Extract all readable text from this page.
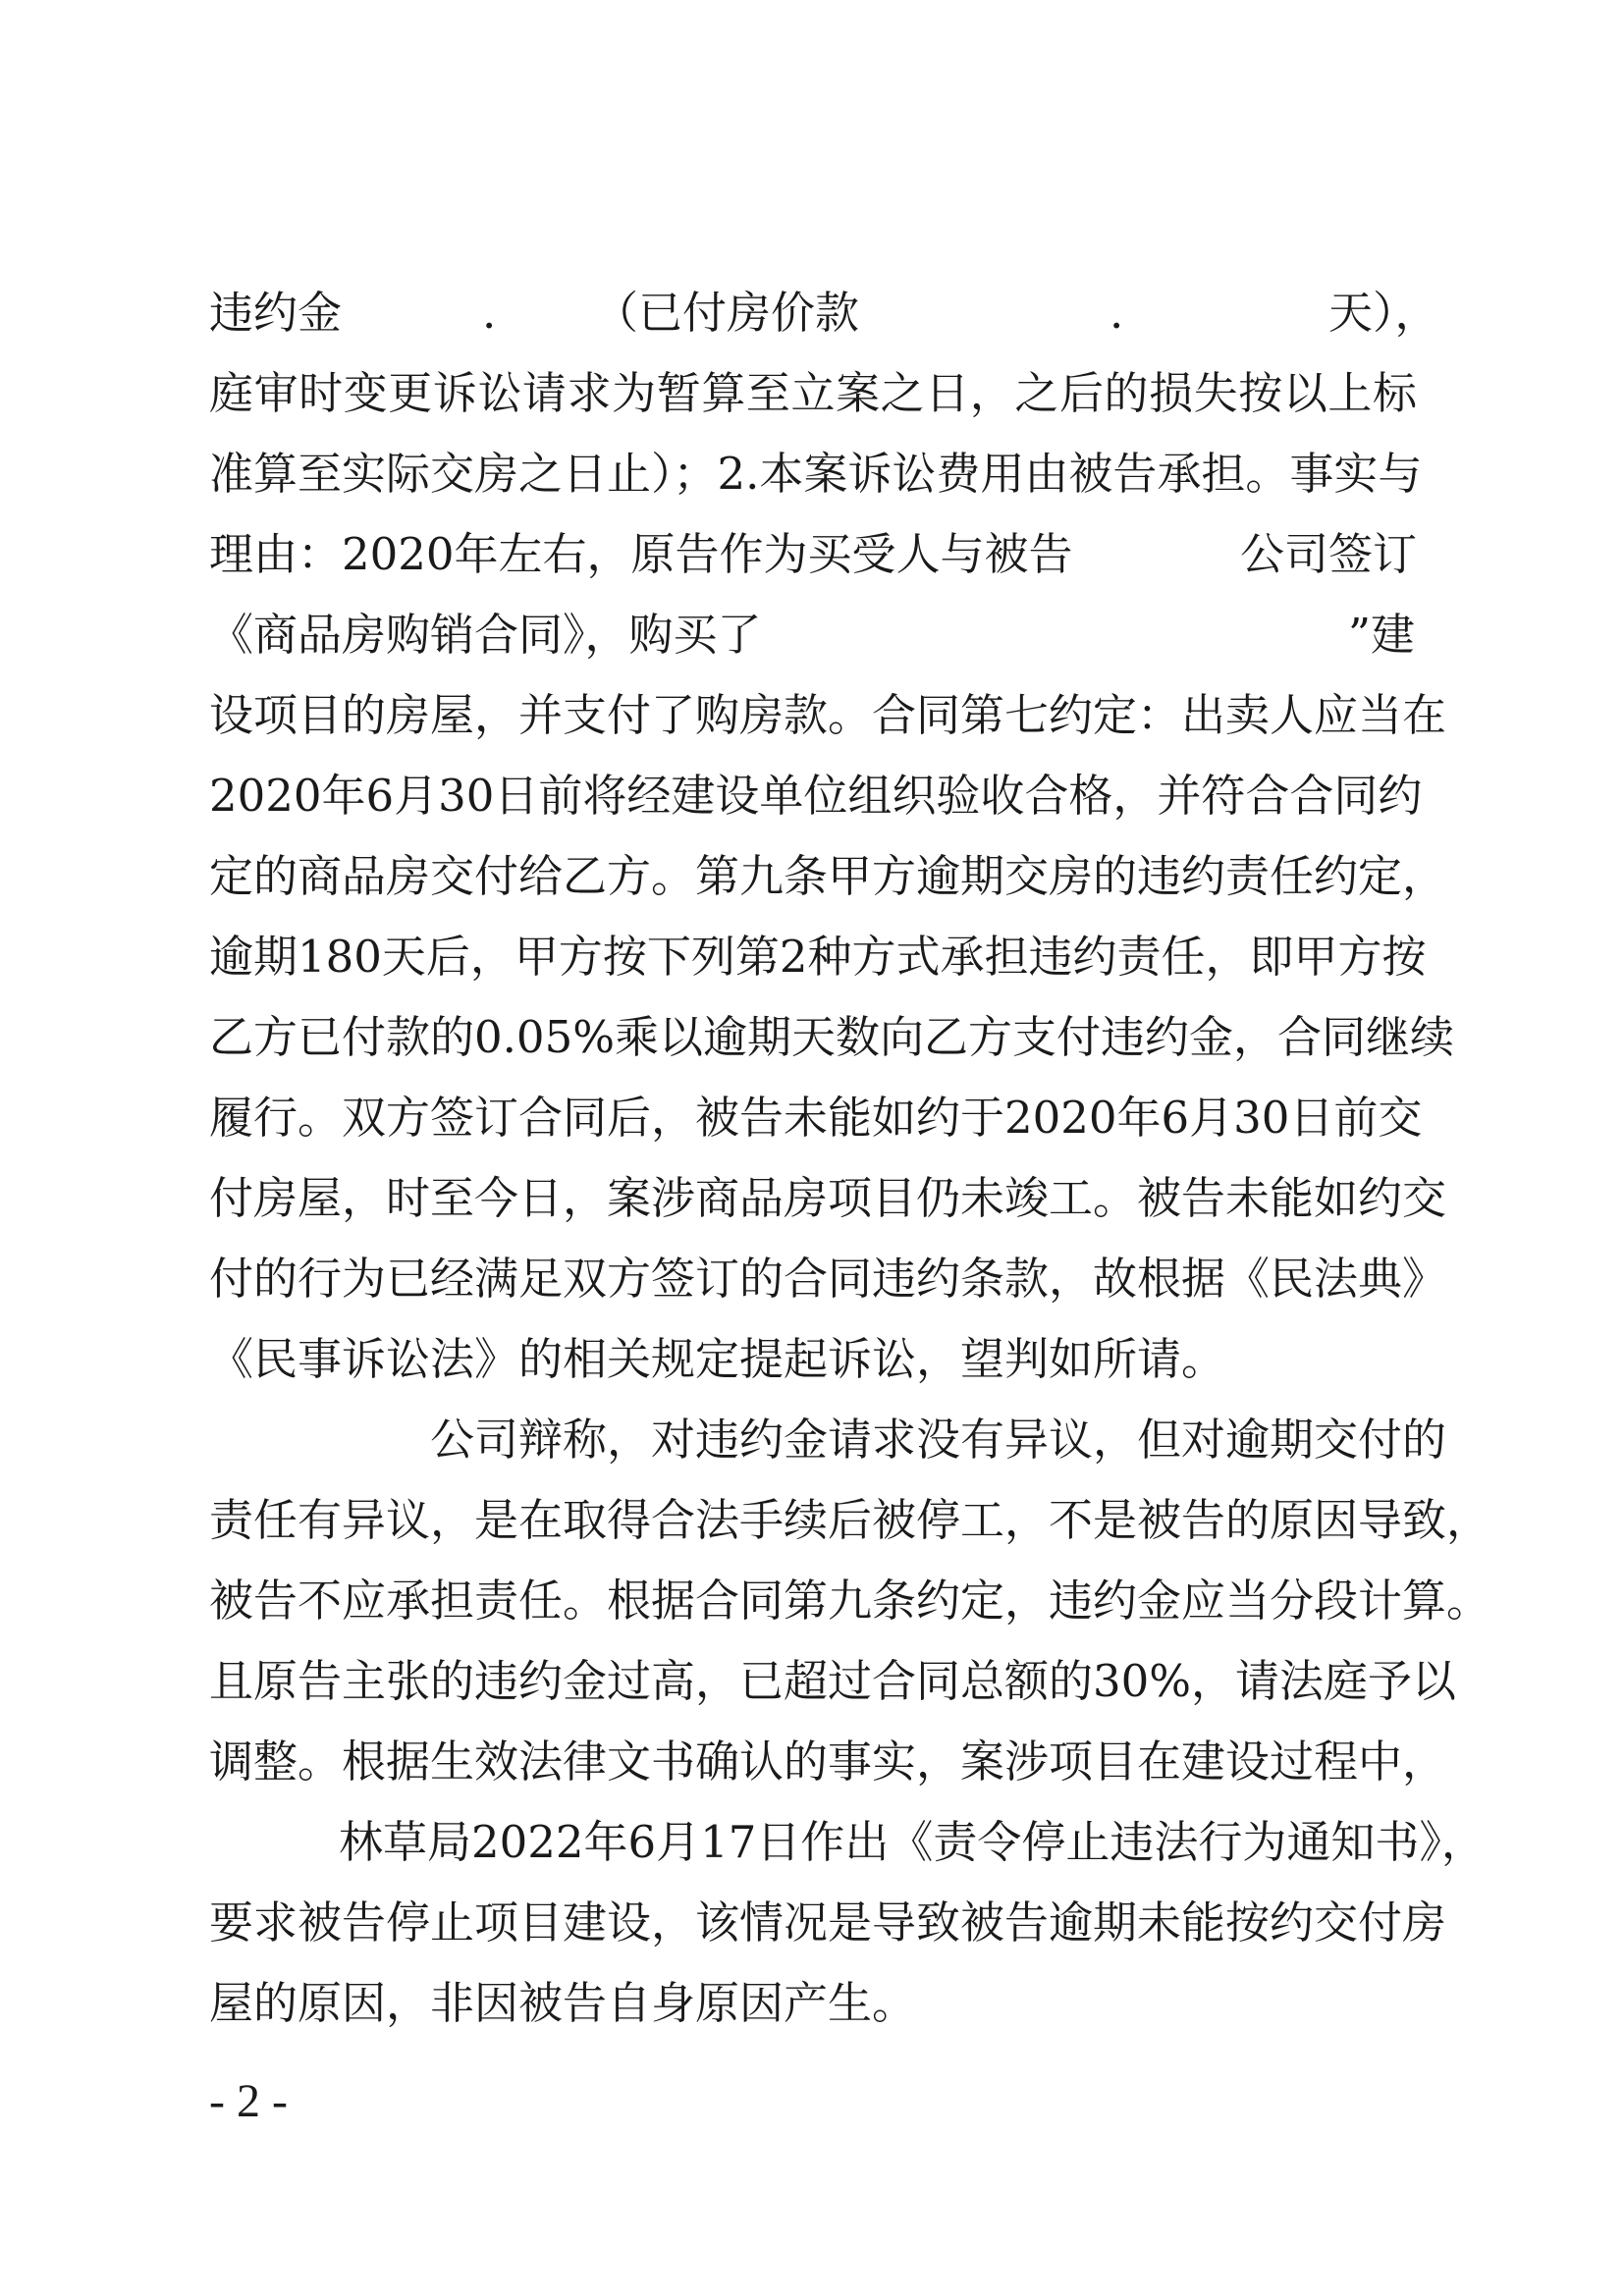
违约金	. （已付房价款	.	天），
庭审时变更诉讼请求为暂算至立案之日，之后的损失按以上标
准算至实际交房之日止）；2.本案诉讼费用由被告承担。事实与
理由：2020年左右，原告作为买受人与被告	公司签订
《商品房购销合同》，购买了	”建
设项目的房屋，并支付了购房款。合同第七约定：出卖人应当在
2020年6月30日前将经建设单位组织验收合格，并符合合同约
定的商品房交付给乙方。第九条甲方逾期交房的违约责任约定，
逾期180天后，甲方按下列第2种方式承担违约责任，即甲方按
乙方已付款的0.05%乘以逾期天数向乙方支付违约金，合同继续
履行。双方签订合同后，被告未能如约于2020年6月30日前交
付房屋，时至今日，案涉商品房项目仍未竣工。被告未能如约交
付的行为已经满足双方签订的合同违约条款，故根据《民法典》
《民事诉讼法》的相关规定提起诉讼，望判如所请。
公司辩称，对违约金请求没有异议，但对逾期交付的
责任有异议，是在取得合法手续后被停工，不是被告的原因导致，
被告不应承担责任。根据合同第九条约定，违约金应当分段计算。
且原告主张的违约金过高，已超过合同总额的30%，请法庭予以
调整。根据生效法律文书确认的事实，案涉项目在建设过程中，
林草局2022年6月17日作出《责令停止违法行为通知书》，
要求被告停止项目建设，该情况是导致被告逾期未能按约交付房
屋的原因，非因被告自身原因产生。
- 2 -
